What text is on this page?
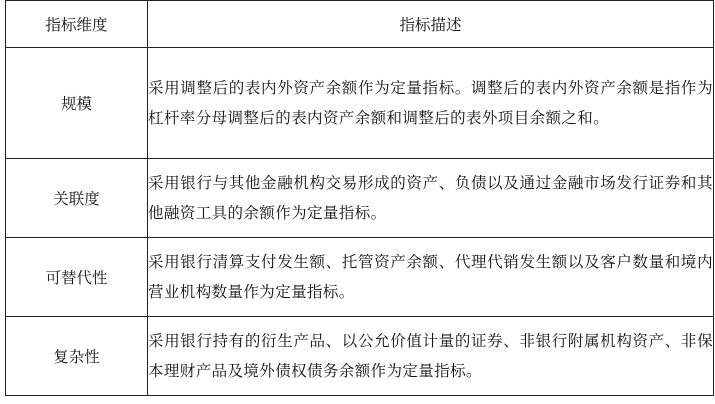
指标维度	指标描述
规模	采用调整后的表内外资产余额作为定量指标。调整后的表内外资产余额是指作为杠杆率分母调整后的表内资产余额和调整后的表外项目余额之和。
关联度	采用银行与其他金融机构交易形成的资产、负债以及通过金融市场发行证券和其他融资工具的余额作为定量指标。
可替代性	采用银行清算支付发生额、托管资产余额、代理代销发生额以及客户数量和境内营业机构数量作为定量指标。
复杂性	采用银行持有的衍生产品、以公允价值计量的证券、非银行附属机构资产、非保本理财产品及境外债权债务余额作为定量指标。
